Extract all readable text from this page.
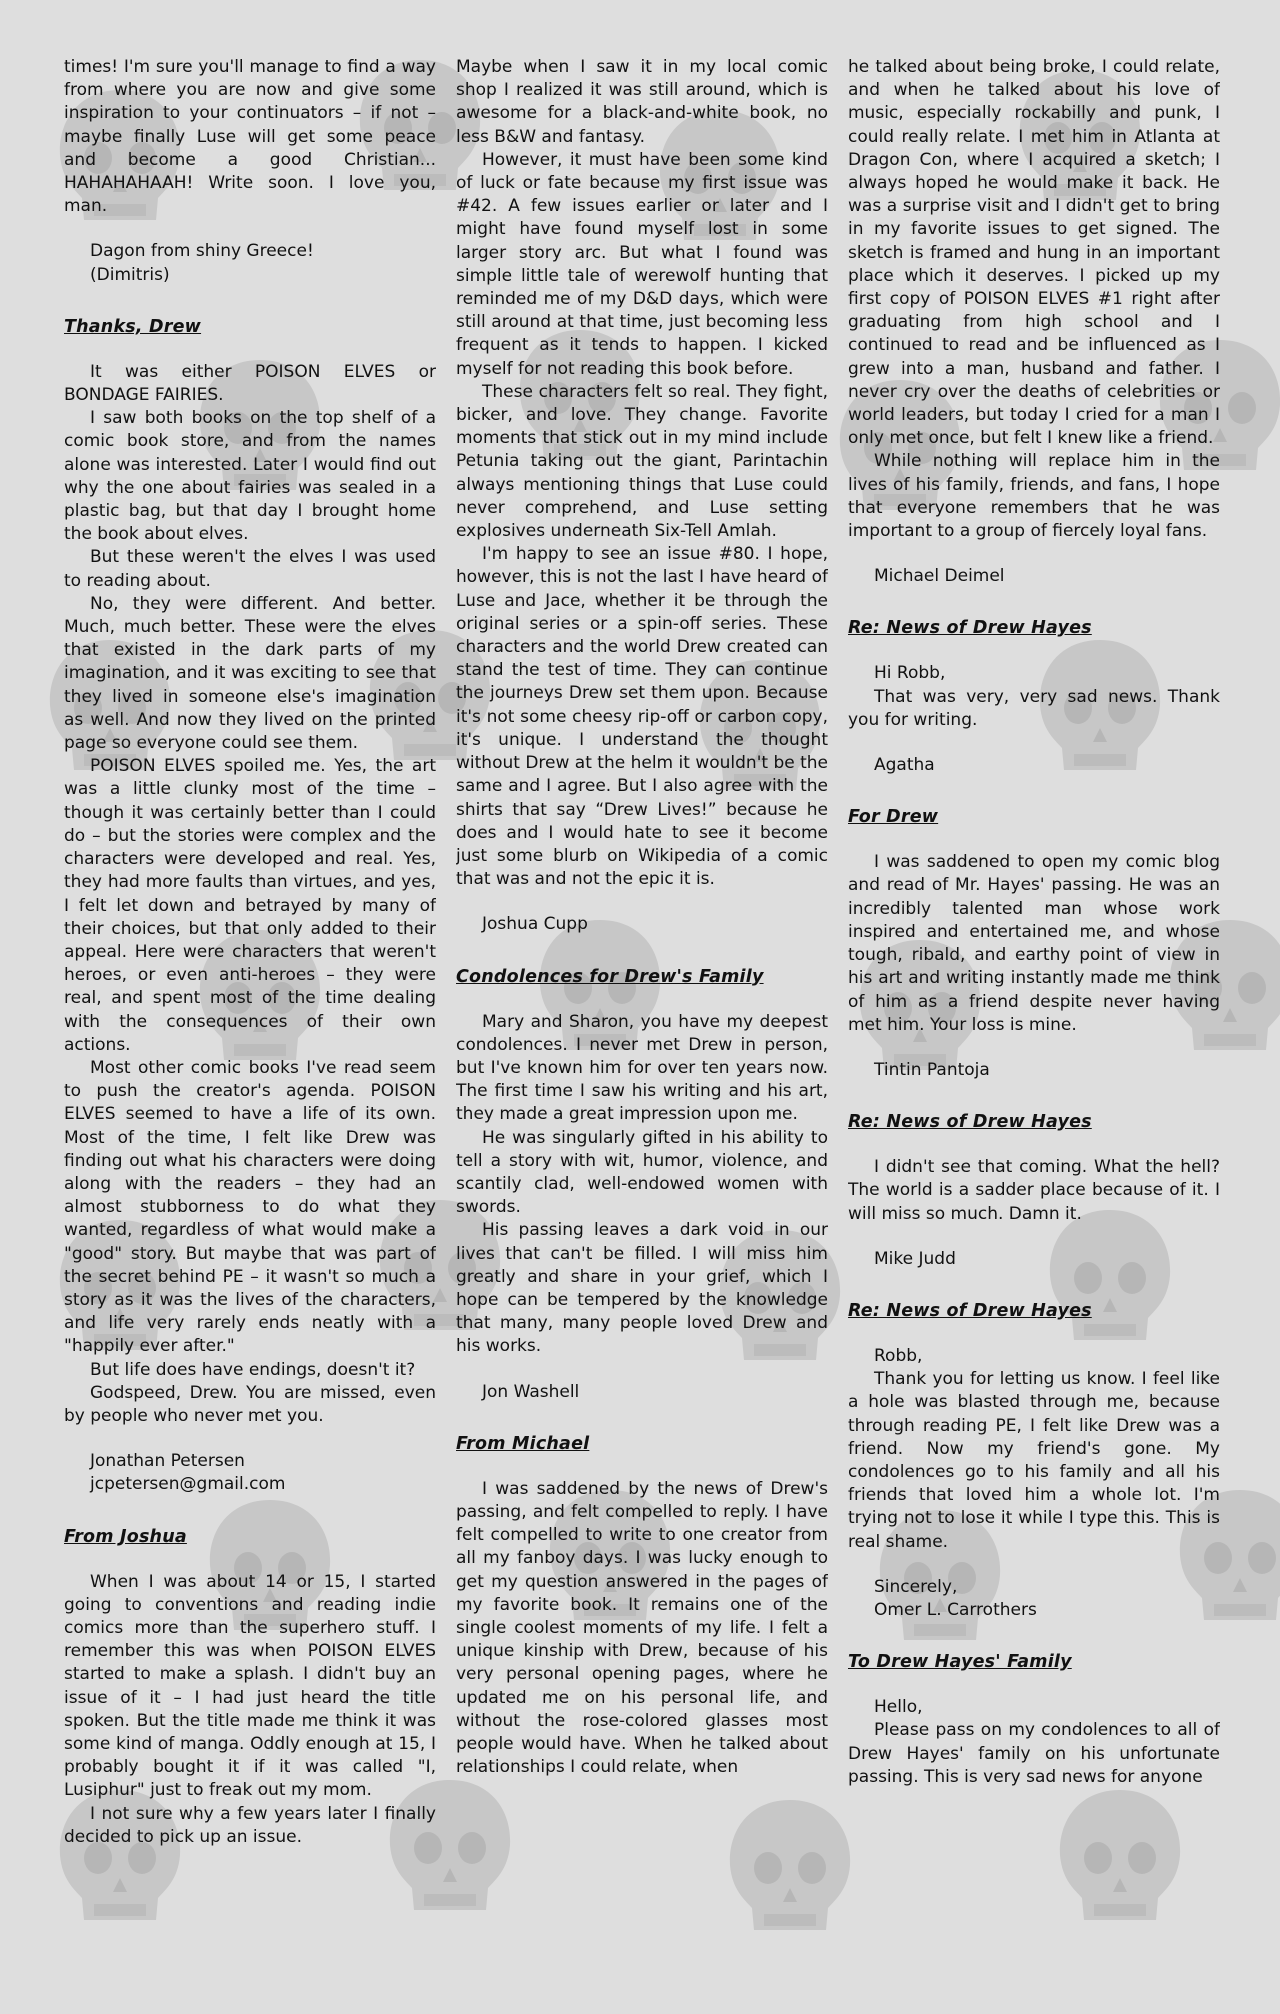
times! I'm sure you'll manage to find a way from where you are now and give some inspiration to your continuators – if not – maybe finally Luse will get some peace and become a good Christian... HAHAHAHAAH! Write soon. I love you, man.

Dagon from shiny Greece!
(Dimitris)
Thanks, Drew

It was either POISON ELVES or BONDAGE FAIRIES.

I saw both books on the top shelf of a comic book store, and from the names alone was interested. Later I would find out why the one about fairies was sealed in a plastic bag, but that day I brought home the book about elves.

But these weren't the elves I was used to reading about.

No, they were different. And better. Much, much better. These were the elves that existed in the dark parts of my imagination, and it was exciting to see that they lived in someone else's imagination as well. And now they lived on the printed page so everyone could see them.

POISON ELVES spoiled me. Yes, the art was a little clunky most of the time – though it was certainly better than I could do – but the stories were complex and the characters were developed and real. Yes, they had more faults than virtues, and yes, I felt let down and betrayed by many of their choices, but that only added to their appeal. Here were characters that weren't heroes, or even anti-heroes – they were real, and spent most of the time dealing with the consequences of their own actions.

Most other comic books I've read seem to push the creator's agenda. POISON ELVES seemed to have a life of its own. Most of the time, I felt like Drew was finding out what his characters were doing along with the readers – they had an almost stubborness to do what they wanted, regardless of what would make a "good" story. But maybe that was part of the secret behind PE – it wasn't so much a story as it was the lives of the characters, and life very rarely ends neatly with a "happily ever after."

But life does have endings, doesn't it?

Godspeed, Drew. You are missed, even by people who never met you.

Jonathan Petersen
jcpetersen@gmail.com
From Joshua

When I was about 14 or 15, I started going to conventions and reading indie comics more than the superhero stuff. I remember this was when POISON ELVES started to make a splash. I didn't buy an issue of it – I had just heard the title spoken. But the title made me think it was some kind of manga. Oddly enough at 15, I probably bought it if it was called "I, Lusiphur" just to freak out my mom.

I not sure why a few years later I finally decided to pick up an issue.

Maybe when I saw it in my local comic shop I realized it was still around, which is awesome for a black-and-white book, no less B&W and fantasy.

However, it must have been some kind of luck or fate because my first issue was #42. A few issues earlier or later and I might have found myself lost in some larger story arc. But what I found was simple little tale of werewolf hunting that reminded me of my D&D days, which were still around at that time, just becoming less frequent as it tends to happen. I kicked myself for not reading this book before.

These characters felt so real. They fight, bicker, and love. They change. Favorite moments that stick out in my mind include Petunia taking out the giant, Parintachin always mentioning things that Luse could never comprehend, and Luse setting explosives underneath Six-Tell Amlah.

I'm happy to see an issue #80. I hope, however, this is not the last I have heard of Luse and Jace, whether it be through the original series or a spin-off series. These characters and the world Drew created can stand the test of time. They can continue the journeys Drew set them upon. Because it's not some cheesy rip-off or carbon copy, it's unique. I understand the thought without Drew at the helm it wouldn't be the same and I agree. But I also agree with the shirts that say “Drew Lives!” because he does and I would hate to see it become just some blurb on Wikipedia of a comic that was and not the epic it is.

Joshua Cupp
Condolences for Drew's Family

Mary and Sharon, you have my deepest condolences. I never met Drew in person, but I've known him for over ten years now. The first time I saw his writing and his art, they made a great impression upon me.

He was singularly gifted in his ability to tell a story with wit, humor, violence, and scantily clad, well-endowed women with swords.

His passing leaves a dark void in our lives that can't be filled. I will miss him greatly and share in your grief, which I hope can be tempered by the knowledge that many, many people loved Drew and his works.

Jon Washell
From Michael

I was saddened by the news of Drew's passing, and felt compelled to reply. I have felt compelled to write to one creator from all my fanboy days. I was lucky enough to get my question answered in the pages of my favorite book. It remains one of the single coolest moments of my life. I felt a unique kinship with Drew, because of his very personal opening pages, where he updated me on his personal life, and without the rose-colored glasses most people would have. When he talked about relationships I could relate, when

he talked about being broke, I could relate, and when he talked about his love of music, especially rockabilly and punk, I could really relate. I met him in Atlanta at Dragon Con, where I acquired a sketch; I always hoped he would make it back. He was a surprise visit and I didn't get to bring in my favorite issues to get signed. The sketch is framed and hung in an important place which it deserves. I picked up my first copy of POISON ELVES #1 right after graduating from high school and I continued to read and be influenced as I grew into a man, husband and father. I never cry over the deaths of celebrities or world leaders, but today I cried for a man I only met once, but felt I knew like a friend.

While nothing will replace him in the lives of his family, friends, and fans, I hope that everyone remembers that he was important to a group of fiercely loyal fans.

Michael Deimel
Re: News of Drew Hayes

Hi Robb,

That was very, very sad news. Thank you for writing.

Agatha
For Drew

I was saddened to open my comic blog and read of Mr. Hayes' passing. He was an incredibly talented man whose work inspired and entertained me, and whose tough, ribald, and earthy point of view in his art and writing instantly made me think of him as a friend despite never having met him. Your loss is mine.

Tintin Pantoja
Re: News of Drew Hayes

I didn't see that coming. What the hell? The world is a sadder place because of it. I will miss so much. Damn it.

Mike Judd
Re: News of Drew Hayes

Robb,

Thank you for letting us know. I feel like a hole was blasted through me, because through reading PE, I felt like Drew was a friend. Now my friend's gone. My condolences go to his family and all his friends that loved him a whole lot. I'm trying not to lose it while I type this. This is real shame.

Sincerely,
Omer L. Carrothers
To Drew Hayes' Family

Hello,

Please pass on my condolences to all of Drew Hayes' family on his unfortunate passing. This is very sad news for anyone
